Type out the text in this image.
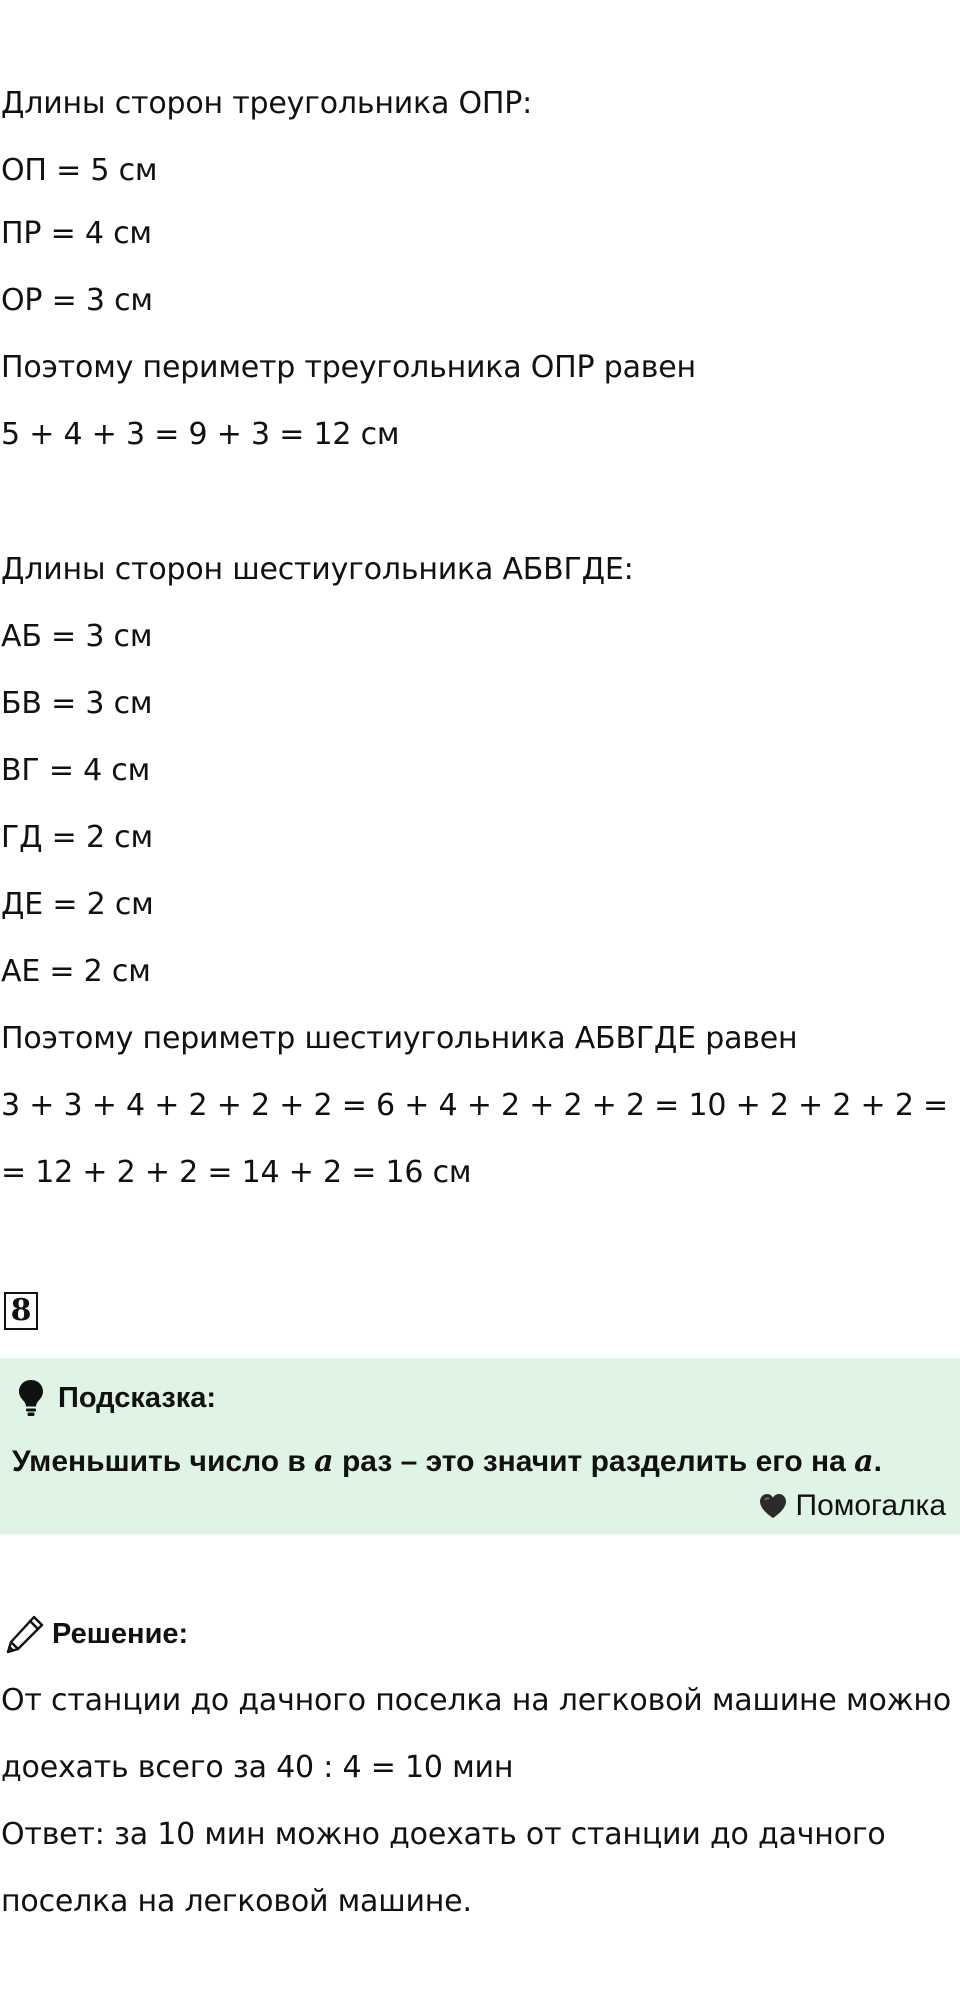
Длины сторон треугольника ОПР:
ОП = 5 см
ПР = 4 см
ОР = 3 см
Поэтому периметр треугольника ОПР равен
5 + 4 + 3 = 9 + 3 = 12 см
Длины сторон шестиугольника АБВГДЕ:
АБ = 3 см
БВ = 3 см
ВГ = 4 см
ГД = 2 см
ДЕ = 2 см
АЕ = 2 см
Поэтому периметр шестиугольника АБВГДЕ равен
3 + 3 + 4 + 2 + 2 + 2 = 6 + 4 + 2 + 2 + 2 = 10 + 2 + 2 + 2 =
= 12 + 2 + 2 = 14 + 2 = 16 см
8
Подсказка:
Уменьшить число в a раз – это значит разделить его на a.
Помогалка
Решение:
От станции до дачного поселка на легковой машине можно
доехать всего за 40 : 4 = 10 мин
Ответ: за 10 мин можно доехать от станции до дачного
поселка на легковой машине.
